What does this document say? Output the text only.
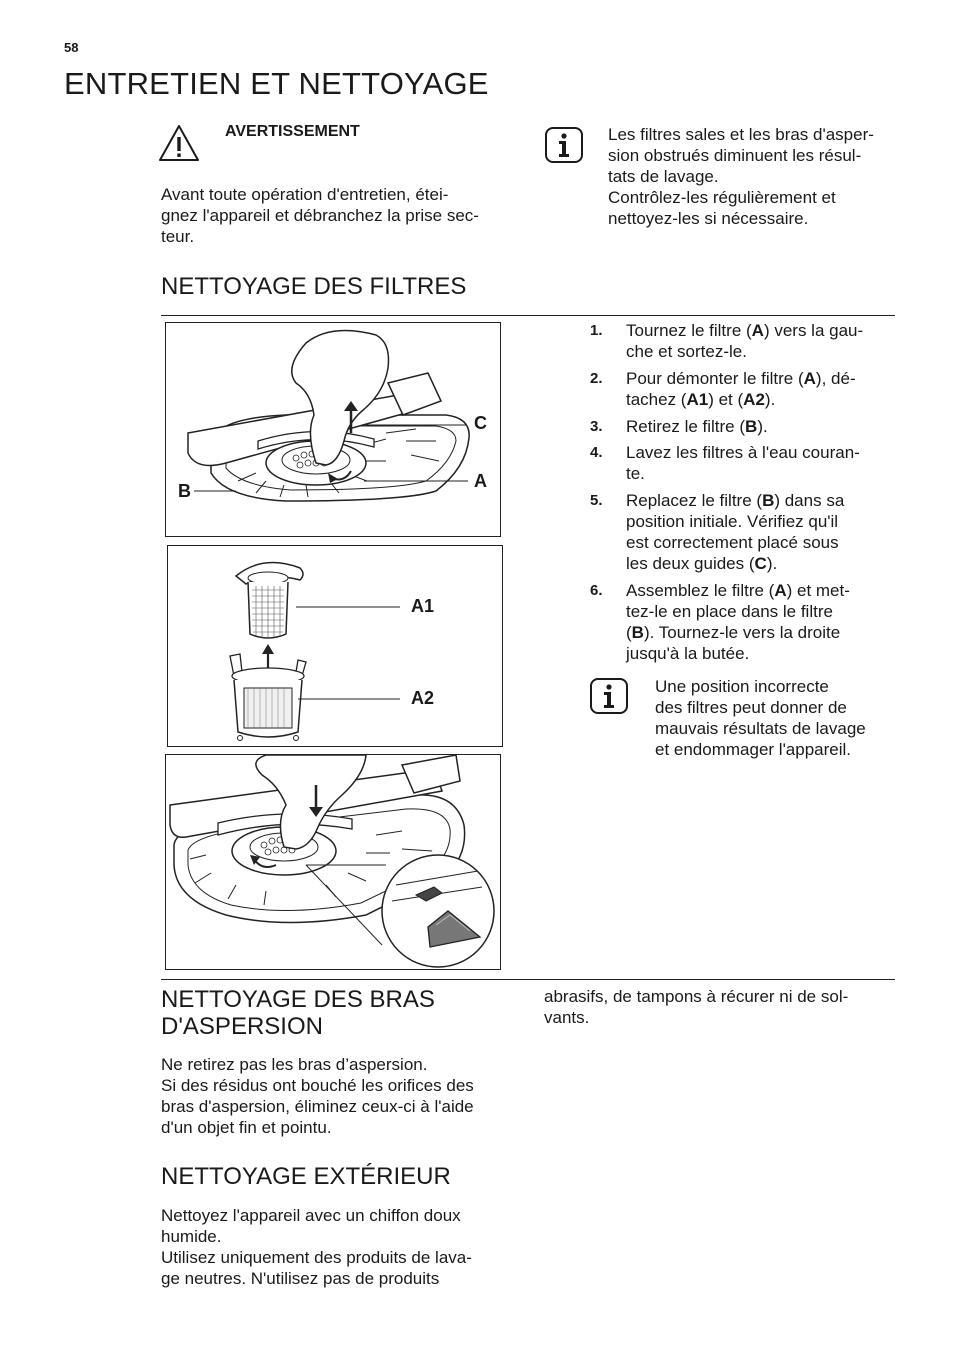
58
ENTRETIEN ET NETTOYAGE
AVERTISSEMENT
Avant toute opération d'entretien, étei-
gnez l'appareil et débranchez la prise sec-
teur.
Les filtres sales et les bras d'asper-
sion obstrués diminuent les résul-
tats de lavage.
Contrôlez-les régulièrement et
nettoyez-les si nécessaire.
NETTOYAGE DES FILTRES
C
A
B
A1
A2
1. Tournez le filtre (A) vers la gau-
che et sortez-le.
2. Pour démonter le filtre (A), dé-
tachez (A1) et (A2).
3. Retirez le filtre (B).
4. Lavez les filtres à l'eau couran-
te.
5. Replacez le filtre (B) dans sa
position initiale. Vérifiez qu'il
est correctement placé sous
les deux guides (C).
6. Assemblez le filtre (A) et met-
tez-le en place dans le filtre
(B). Tournez-le vers la droite
jusqu'à la butée.
Une position incorrecte
des filtres peut donner de
mauvais résultats de lavage
et endommager l'appareil.
NETTOYAGE DES BRAS
D'ASPERSION
Ne retirez pas les bras d’aspersion.
Si des résidus ont bouché les orifices des
bras d'aspersion, éliminez ceux-ci à l'aide
d'un objet fin et pointu.
NETTOYAGE EXTÉRIEUR
Nettoyez l'appareil avec un chiffon doux
humide.
Utilisez uniquement des produits de lava-
ge neutres. N'utilisez pas de produits
abrasifs, de tampons à récurer ni de sol-
vants.
